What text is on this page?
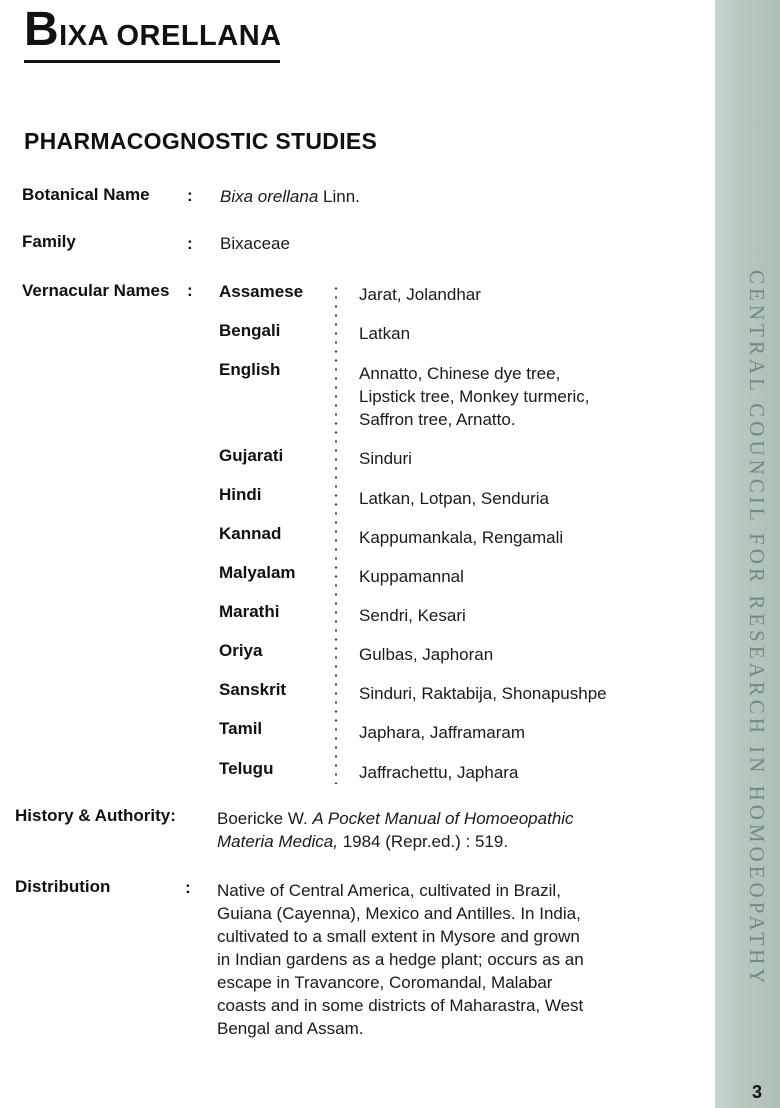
BIXA ORELLANA
PHARMACOGNOSTIC STUDIES
Botanical Name : Bixa orellana Linn.
Family	: Bixaceae
Vernacular Names : Assamese	Jarat, Jolandhar
Bengali	Latkan
English	Annatto, Chinese dye tree,
Lipstick tree, Monkey turmeric,
Saffron tree, Arnatto.
Gujarati	Sinduri
Hindi	Latkan, Lotpan, Senduria
Kannad	Kappumankala, Rengamali
Malyalam	Kuppamannal
Marathi	Sendri, Kesari
Oriya	Gulbas, Japhoran
Sanskrit	Sinduri, Raktabija, Shonapushpe
Tamil	Japhara, Jafframaram
Telugu	Jaffrachettu, Japhara
History & Authority: Boericke W. A Pocket Manual of Homoeopathic
Materia Medica, 1984 (Repr.ed.) : 519.
Distribution	: Native of Central America, cultivated in Brazil,
Guiana (Cayenna), Mexico and Antilles. In India,
cultivated to a small extent in Mysore and grown
in Indian gardens as a hedge plant; occurs as an
escape in Travancore, Coromandal, Malabar
coasts and in some districts of Maharastra, West
Bengal and Assam.
CENTRAL COUNCIL FOR RESEARCH IN HOMOEOPATHY
3
